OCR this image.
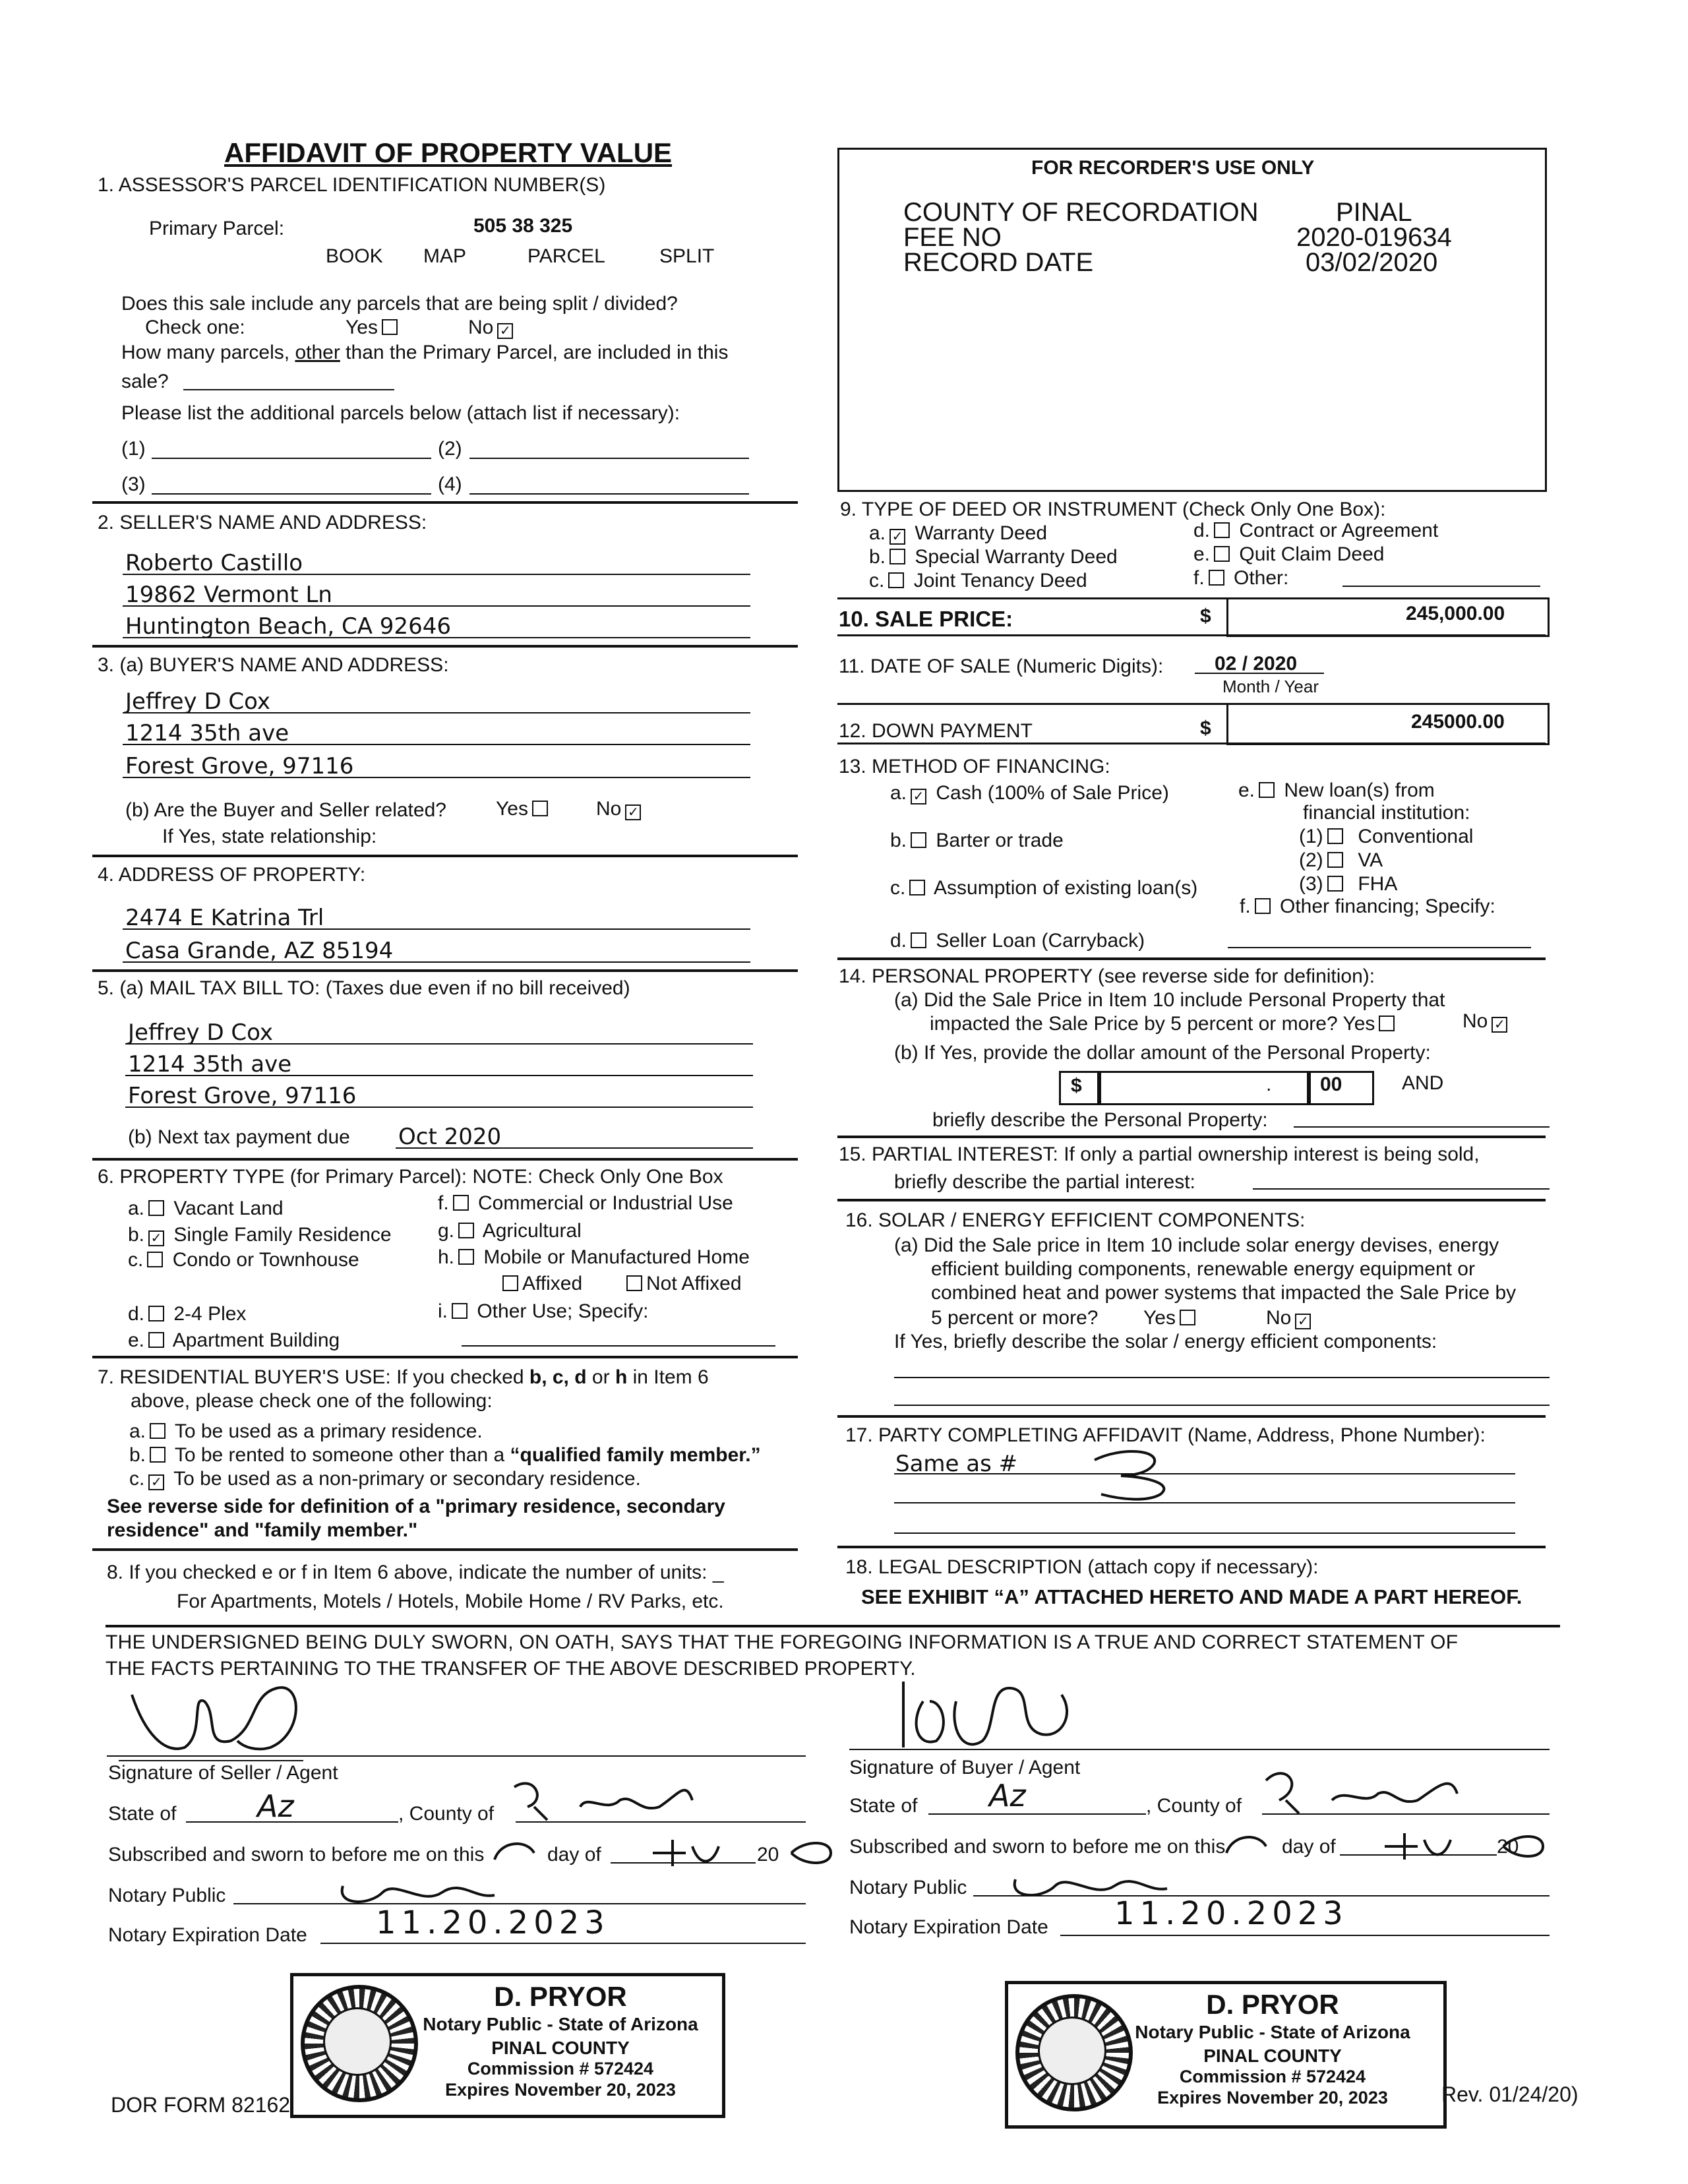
AFFIDAVIT OF PROPERTY VALUE
1. ASSESSOR'S PARCEL IDENTIFICATION NUMBER(S)
Primary Parcel:	505 38 325
BOOK MAP	PARCEL	SPLIT
Does this sale include any parcels that are being split / divided?
Check one:	Yes	No ✓
How many parcels, other than the Primary Parcel, are included in this
sale?
Please list the additional parcels below (attach list if necessary):
(1)	(2)
(3)	(4)
2. SELLER'S NAME AND ADDRESS:
Roberto Castillo
19862 Vermont Ln
Huntington Beach, CA 92646
3. (a) BUYER'S NAME AND ADDRESS:
Jeffrey D Cox
1214 35th ave
Forest Grove, 97116
(b) Are the Buyer and Seller related?	Yes	No ✓
If Yes, state relationship:
4. ADDRESS OF PROPERTY:
2474 E Katrina Trl
Casa Grande, AZ 85194
5. (a) MAIL TAX BILL TO: (Taxes due even if no bill received)
Jeffrey D Cox
1214 35th ave
Forest Grove, 97116
(b) Next tax payment due Oct 2020
6. PROPERTY TYPE (for Primary Parcel): NOTE: Check Only One Box
a. Vacant Land
b. ✓ Single Family Residence
c. Condo or Townhouse
d. 2-4 Plex
e. Apartment Building
f. Commercial or Industrial Use
g. Agricultural
h. Mobile or Manufactured Home
Affixed	Not Affixed
i. Other Use; Specify:
7. RESIDENTIAL BUYER'S USE: If you checked b, c, d or h in Item 6
above, please check one of the following:
a. To be used as a primary residence.
b. To be rented to someone other than a “qualified family member.”
c. ✓ To be used as a non-primary or secondary residence.
See reverse side for definition of a "primary residence, secondary
residence" and "family member."
8. If you checked e or f in Item 6 above, indicate the number of units: _
For Apartments, Motels / Hotels, Mobile Home / RV Parks, etc.
FOR RECORDER'S USE ONLY
COUNTY OF RECORDATION	PINAL
FEE NO	2020-019634
RECORD DATE	03/02/2020
9. TYPE OF DEED OR INSTRUMENT (Check Only One Box):
a. ✓ Warranty Deed
b. Special Warranty Deed
c. Joint Tenancy Deed
d. Contract or Agreement
e. Quit Claim Deed
f. Other:
10. SALE PRICE:	$	245,000.00
11. DATE OF SALE (Numeric Digits):	02 / 2020
Month / Year
12. DOWN PAYMENT	$	245000.00
13. METHOD OF FINANCING:
a. ✓ Cash (100% of Sale Price)
b. Barter or trade
c. Assumption of existing loan(s)
d. Seller Loan (Carryback)
e. New loan(s) from
financial institution:
(1) Conventional
(2) VA
(3) FHA
f. Other financing; Specify:
14. PERSONAL PROPERTY (see reverse side for definition):
(a) Did the Sale Price in Item 10 include Personal Property that
impacted the Sale Price by 5 percent or more? Yes	No ✓
(b) If Yes, provide the dollar amount of the Personal Property:
$	. 00	AND
briefly describe the Personal Property:
15. PARTIAL INTEREST: If only a partial ownership interest is being sold,
briefly describe the partial interest:
16. SOLAR / ENERGY EFFICIENT COMPONENTS:
(a) Did the Sale price in Item 10 include solar energy devises, energy
efficient building components, renewable energy equipment or
combined heat and power systems that impacted the Sale Price by
5 percent or more? Yes	No ✓
If Yes, briefly describe the solar / energy efficient components:
17. PARTY COMPLETING AFFIDAVIT (Name, Address, Phone Number):
Same as #
18. LEGAL DESCRIPTION (attach copy if necessary):
SEE EXHIBIT “A” ATTACHED HERETO AND MADE A PART HEREOF.
THE UNDERSIGNED BEING DULY SWORN, ON OATH, SAYS THAT THE FOREGOING INFORMATION IS A TRUE AND CORRECT STATEMENT OF
THE FACTS PERTAINING TO THE TRANSFER OF THE ABOVE DESCRIBED PROPERTY.
Signature of Seller / Agent
State of	Az	, County of
Subscribed and sworn to before me on this	day of	20
Notary Public
Notary Expiration Date 11.20.2023
Signature of Buyer / Agent
State of Az	, County of
Subscribed and sworn to before me on this	day of	20
Notary Public
Notary Expiration Date 11.20.2023
D. PRYOR
Notary Public - State of Arizona
PINAL COUNTY
Commission # 572424
Expires November 20, 2023
D. PRYOR
Notary Public - State of Arizona
PINAL COUNTY
Commission # 572424
Expires November 20, 2023
DOR FORM 82162	Rev. 01/24/20)
